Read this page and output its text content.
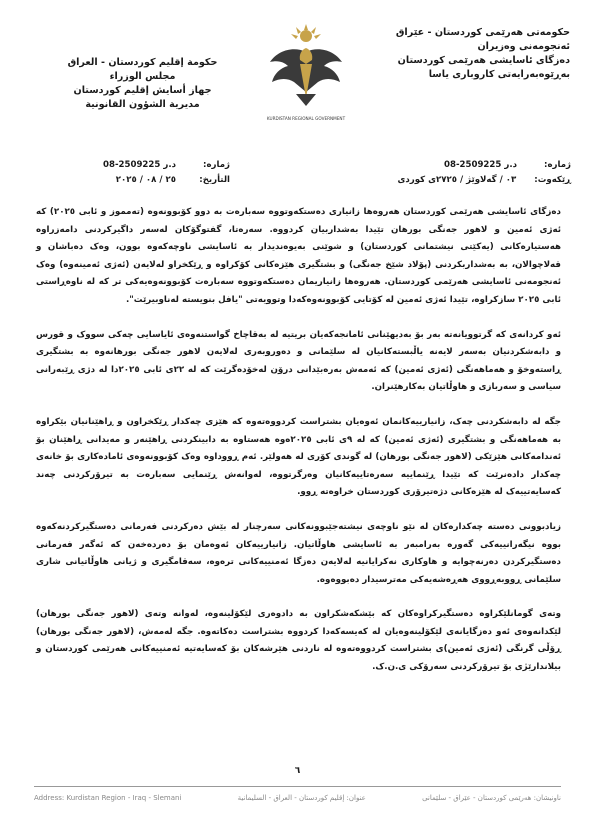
حکومەتی هەرێمی کوردستان - عێراق
ئەنجومەنی وەزیران
دەزگای ئاسایشی هەرێمی کوردستان
بەڕێوەبەرایەتی کاروباری یاسا
KURDISTAN REGIONAL GOVERNMENT
حكومة إقليم كوردستان - العراق
مجلس الوزراء
جهاز أسايش إقليم كوردستان
مديرية الشؤون القانونية
ژمارە:
د.ر 2509225-08
ڕێکەوت:
٠٣ / گەلاوێژ / ٢٧٢٥ی کوردی
ژمارە:
د.ر 2509225-08
التأريخ:
٢٥ / ٠٨ / ٢٠٢٥

دەزگای ئاسایشی هەرێمی کوردستان هەروەها زانیاری دەستکەوتووە سەبارەت بە دوو کۆبوونەوە (تەمموز و ئابی ٢٠٢٥) کە ئەژی ئەمین و لاهور جەنگی بورهان تێیدا بەشداربیان کردووە. سەرەتا، گفتوگۆکان لەسەر داگیرکردنی دامەزراوە هەستیارەکانی (یەکێتی نیشتمانی کوردستان) و شوێنی بەیوەندیدار بە ئاسایشی ناوچەکەوە بوون، وەک دەباشان و قەلاچوالان، بە بەشداربکردنی (پۆلاد شێخ جەنگی) و بشتگیری هێزەکانی کۆکراوە و ڕێکخراو لەلایەن (ئەژی ئەمینەوە) وەک ئەنجومەنی ئاسایشی هەرێمی کوردستان. هەروەها زانیاریمان دەستکەوتووە سەبارەت کۆبوونەوەیەکی تر کە لە ناوەڕاستی ئابی ٢٠٢٥ سازکراوە، تێیدا ئەژی ئەمین لە کۆتایی کۆبوونەوەکەدا وتوویەتی "یافل بنویسته لەناوبیرێت".

ئەو کردانەی کە گرتوویانەتە بەر بۆ بەدیهێنانی ئامانجەکەیان بریتیە لە بەقاچاخ گواستنەوەی ئایاسایی چەکی سووک و قورس و دابەشکردنیان بەسەر لایەنە یاڵبستەکانیان لە سلێمانی و دەوروبەری لەلایەن لاهور جەنگی بورهانەوە بە بشتگیری ڕاستەوخۆ و هەماهەنگی (ئەژی ئەمین) کە ئەمەش بەرەبێدانی درۆن لەخۆدەگرێت کە لە ٢٢ی ئابی ٢٠٢٥دا لە دژی ڕێبەرانی سیاسی و سەربازی و هاوڵاتیان بەکارهێنران.

جگە لە دابەشکردنی چەک، زانیارییەکانمان ئەوەیان بشتراست کردووەتەوە کە هێزی چەکدار ڕێکخراون و ڕاهێنانیان بێکراوە بە هەماهەنگی و بشتگیری (ئەژی ئەمین) کە لە ٩ی ئابی ٢٠٢٥ەوە هەستاوە بە دابینکردنی ڕاهێنەر و مەیدانی ڕاهێنان بۆ ئەندامەکانی هێزێکی (لاهور جەنگی بورهان) لە گوندی کۆری لە هەولێر. ئەم ڕووداوە وەک کۆبوونەوەی ئامادەکاری بۆ خانەی چەکدار دادەنرێت کە تێیدا ڕێنماییە سەرەتاییەکانیان وەرگرتووە، لەوانەش ڕێنمایی سەبارەت بە تیرۆرکردنی چەند کەسایەتییەک لە هێزەکانی دژەتیرۆری کوردستان خراوەتە ڕوو.

زیادبوونی دەستە چەکدارەکان لە نێو ناوچەی نیشتەجێبوونەکانی سەرچنار لە بێش دەرکردنی فەرمانی دەستگیرکردنەکەوە بووە نیگەرانییەکی گەورە بەرامبەر بە ئاسایشی هاوڵاتیان. زانیارییەکان ئەوەمان بۆ دەردەخەن کە ئەگەر فەرمانی دەستگیرکردن دەرنەچوایە و هاوکاری نەکرایانیە لەلایەن دەزگا ئەمنییەکانی ترەوە، سەقامگیری و ژیانی هاوڵاتیانی شاری سلێمانی ڕووبەڕووی هەڕەشەیەکی مەترسیدار دەبووەوە.

وتەی گومانلێکراوە دەستگیرکراوەکان کە بێشکەشکراون بە دادوەری لێکۆلینەوە، لەوانە وتەی (لاهور جەنگی بورهان) لێکدانەوەی ئەو دەزگایانەی لێکۆلینەوەیان لە کەیسەکەدا کردووە بشتراست دەکاتەوە. جگە لەمەش، (لاهور جەنگی بورهان) ڕۆڵی گرنگی (ئەژی ئەمین)ی بشتراست کردووەتەوە لە ناردنی هێرشەکان بۆ کەسایەتیە ئەمنییەکانی هەرێمی کوردستان و بیلاندارێژی بۆ تیرۆرکردنی سەرۆکی ی.ن.ک.

٦
Address: Kurdistan Region - Iraq - Slemani	عنوان: إقليم كوردستان - العراق - السليمانية	ناونیشان: هەرێمی کوردستان - عێراق - سلێمانی
